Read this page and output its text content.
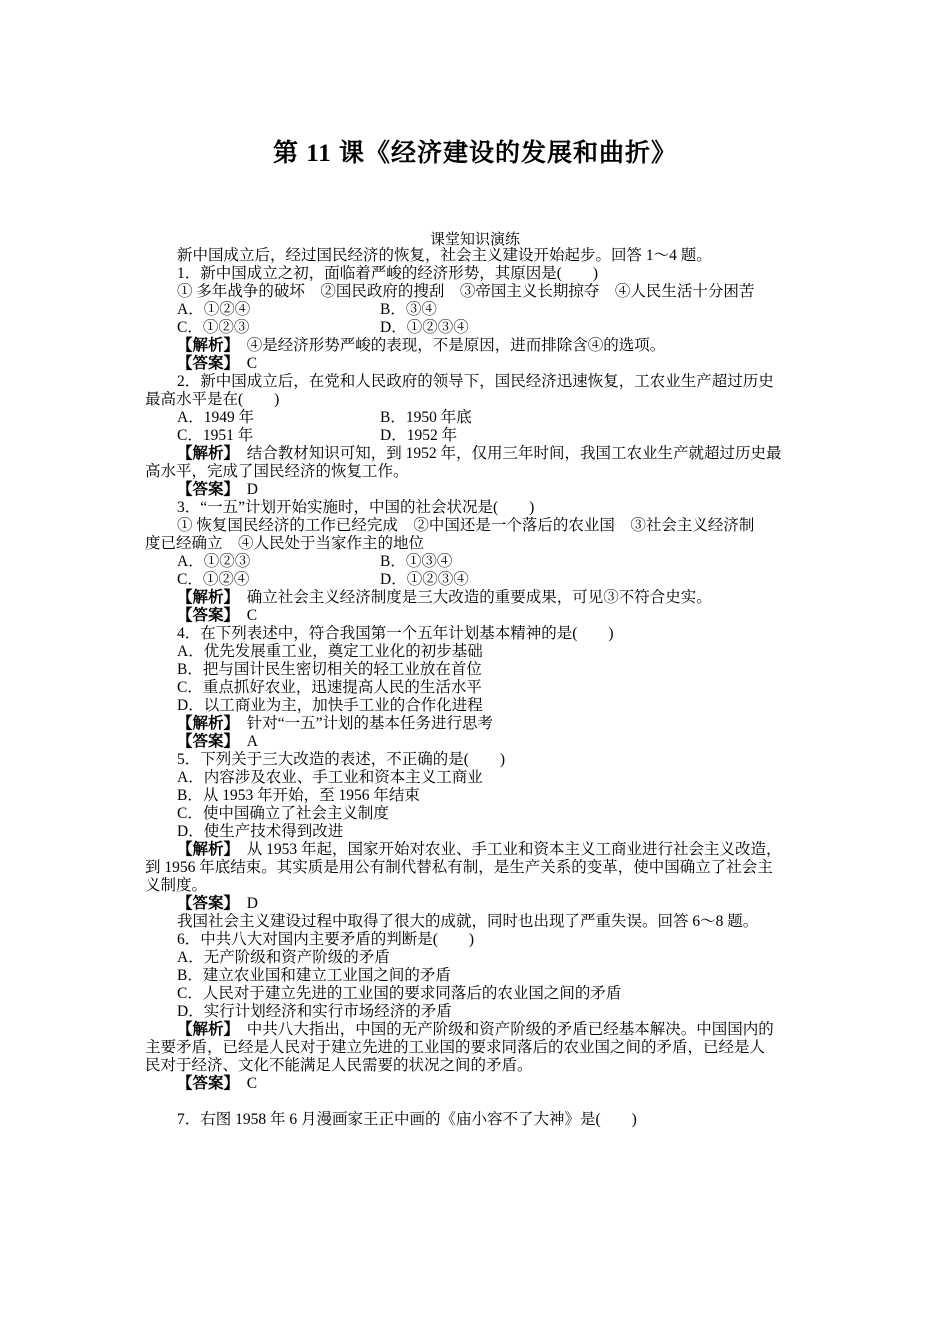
第 11 课《经济建设的发展和曲折》
课堂知识演练
新中国成立后，经过国民经济的恢复，社会主义建设开始起步。回答 1～4 题。
1．新中国成立之初，面临着严峻的经济形势，其原因是(　　)
① 多年战争的破坏　②国民政府的搜刮　③帝国主义长期掠夺　④人民生活十分困苦
A．①②④	B．③④
C．①②③	D．①②③④
【解析】　 ④是经济形势严峻的表现，不是原因，进而排除含④的选项。
【答案】　 C
2．新中国成立后，在党和人民政府的领导下，国民经济迅速恢复，工农业生产超过历史
最高水平是在(　　)
A．1949 年	B．1950 年底
C．1951 年	D．1952 年
【解析】　 结合教材知识可知，到 1952 年，仅用三年时间，我国工农业生产就超过历史最
高水平，完成了国民经济的恢复工作。
【答案】　 D
3．“一五”计划开始实施时，中国的社会状况是(　　)
① 恢复国民经济的工作已经完成　②中国还是一个落后的农业国　③社会主义经济制
度已经确立　④人民处于当家作主的地位
A．①②③	B．①③④
C．①②④	D．①②③④
【解析】　 确立社会主义经济制度是三大改造的重要成果，可见③不符合史实。
【答案】　 C
4．在下列表述中，符合我国第一个五年计划基本精神的是(　　)
A．优先发展重工业，奠定工业化的初步基础
B．把与国计民生密切相关的轻工业放在首位
C．重点抓好农业，迅速提高人民的生活水平
D．以工商业为主，加快手工业的合作化进程
【解析】　 针对“一五”计划的基本任务进行思考
【答案】　 A
5．下列关于三大改造的表述，不正确的是(　　)
A．内容涉及农业、手工业和资本主义工商业
B．从 1953 年开始，至 1956 年结束
C．使中国确立了社会主义制度
D．使生产技术得到改进
【解析】　 从 1953 年起，国家开始对农业、手工业和资本主义工商业进行社会主义改造，
到 1956 年底结束。其实质是用公有制代替私有制，是生产关系的变革，使中国确立了社会主
义制度。
【答案】　 D
我国社会主义建设过程中取得了很大的成就，同时也出现了严重失误。回答 6～8 题。
6．中共八大对国内主要矛盾的判断是(　　)
A．无产阶级和资产阶级的矛盾
B．建立农业国和建立工业国之间的矛盾
C．人民对于建立先进的工业国的要求同落后的农业国之间的矛盾
D．实行计划经济和实行市场经济的矛盾
【解析】　 中共八大指出，中国的无产阶级和资产阶级的矛盾已经基本解决。中国国内的
主要矛盾，已经是人民对于建立先进的工业国的要求同落后的农业国之间的矛盾，已经是人
民对于经济、文化不能满足人民需要的状况之间的矛盾。
【答案】　 C
7．右图 1958 年 6 月漫画家王正中画的《庙小容不了大神》是(　　)
